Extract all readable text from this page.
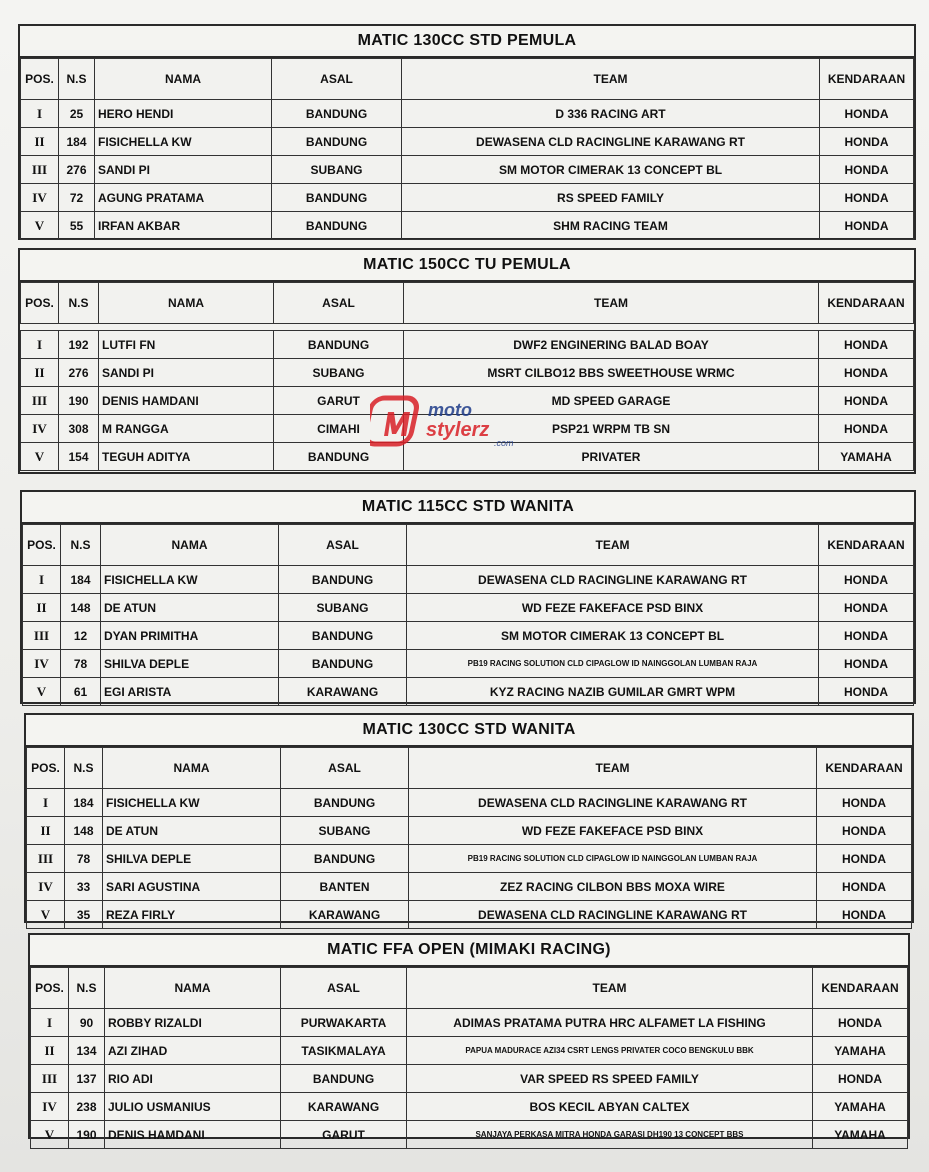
MATIC 130CC STD PEMULA
POS.	N.S	NAMA	ASAL	TEAM	KENDARAAN
I	25	HERO HENDI	BANDUNG	D 336 RACING ART	HONDA
II	184	FISICHELLA KW	BANDUNG	DEWASENA CLD RACINGLINE KARAWANG RT	HONDA
III	276	SANDI PI	SUBANG	SM MOTOR CIMERAK 13 CONCEPT BL	HONDA
IV	72	AGUNG PRATAMA	BANDUNG	RS SPEED FAMILY	HONDA
V	55	IRFAN AKBAR	BANDUNG	SHM RACING TEAM	HONDA
MATIC 150CC TU PEMULA
POS.	N.S	NAMA	ASAL	TEAM	KENDARAAN

I	192	LUTFI FN	BANDUNG	DWF2 ENGINERING BALAD BOAY	HONDA
II	276	SANDI PI	SUBANG	MSRT CILBO12 BBS SWEETHOUSE WRMC	HONDA
III	190	DENIS HAMDANI	GARUT	MD SPEED GARAGE	HONDA
IV	308	M RANGGA	CIMAHI	PSP21 WRPM TB SN	HONDA
V	154	TEGUH ADITYA	BANDUNG	PRIVATER	YAMAHA
MATIC 115CC STD WANITA
POS.	N.S	NAMA	ASAL	TEAM	KENDARAAN
I	184	FISICHELLA KW	BANDUNG	DEWASENA CLD RACINGLINE KARAWANG RT	HONDA
II	148	DE ATUN	SUBANG	WD FEZE FAKEFACE PSD BINX	HONDA
III	12	DYAN PRIMITHA	BANDUNG	SM MOTOR CIMERAK 13 CONCEPT BL	HONDA
IV	78	SHILVA DEPLE	BANDUNG	PB19 RACING SOLUTION CLD CIPAGLOW ID NAINGGOLAN LUMBAN RAJA	HONDA
V	61	EGI ARISTA	KARAWANG	KYZ RACING NAZIB GUMILAR GMRT WPM	HONDA
MATIC 130CC STD WANITA
POS.	N.S	NAMA	ASAL	TEAM	KENDARAAN
I	184	FISICHELLA KW	BANDUNG	DEWASENA CLD RACINGLINE KARAWANG RT	HONDA
II	148	DE ATUN	SUBANG	WD FEZE FAKEFACE PSD BINX	HONDA
III	78	SHILVA DEPLE	BANDUNG	PB19 RACING SOLUTION CLD CIPAGLOW ID NAINGGOLAN LUMBAN RAJA	HONDA
IV	33	SARI AGUSTINA	BANTEN	ZEZ RACING CILBON BBS MOXA WIRE	HONDA
V	35	REZA FIRLY	KARAWANG	DEWASENA CLD RACINGLINE KARAWANG RT	HONDA
MATIC FFA OPEN (MIMAKI RACING)
POS.	N.S	NAMA	ASAL	TEAM	KENDARAAN
I	90	ROBBY RIZALDI	PURWAKARTA	ADIMAS PRATAMA PUTRA HRC ALFAMET LA FISHING	HONDA
II	134	AZI ZIHAD	TASIKMALAYA	PAPUA MADURACE AZI34 CSRT LENGS PRIVATER COCO BENGKULU BBK	YAMAHA
III	137	RIO ADI	BANDUNG	VAR SPEED RS SPEED FAMILY	HONDA
IV	238	JULIO USMANIUS	KARAWANG	BOS KECIL ABYAN CALTEX	YAMAHA
V	190	DENIS HAMDANI	GARUT	SANJAYA PERKASA MITRA HONDA GARASI DH190 13 CONCEPT BBS	YAMAHA
moto
stylerz
.com
